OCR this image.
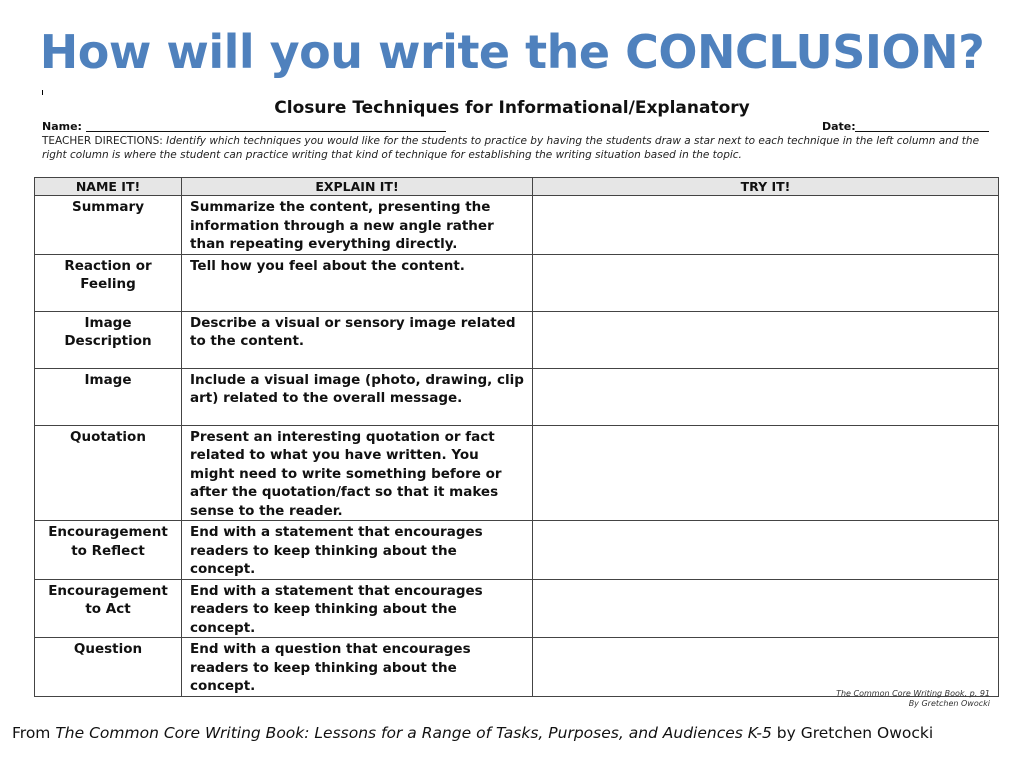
How will you write the CONCLUSION?
Closure Techniques for Informational/Explanatory
Name:	Date:
TEACHER DIRECTIONS: Identify which techniques you would like for the students to practice by having the students draw a star next to each technique in the left column and the right column is where the student can practice writing that kind of technique for establishing the writing situation based in the topic.
NAME IT!	EXPLAIN IT!	TRY IT!
Summary	Summarize the content, presenting the information through a new angle rather than repeating everything directly.	
Reaction or Feeling	Tell how you feel about the content.	
Image Description	Describe a visual or sensory image related to the content.	
Image	Include a visual image (photo, drawing, clip art) related to the overall message.	
Quotation	Present an interesting quotation or fact related to what you have written. You might need to write something before or after the quotation/fact so that it makes sense to the reader.	
Encouragement to Reflect	End with a statement that encourages readers to keep thinking about the concept.	
Encouragement to Act	End with a statement that encourages readers to keep thinking about the concept.	
Question	End with a question that encourages readers to keep thinking about the concept.		The Common Core Writing Book, p. 91
By Gretchen Owocki
From The Common Core Writing Book: Lessons for a Range of Tasks, Purposes, and Audiences K-5 by Gretchen Owocki
